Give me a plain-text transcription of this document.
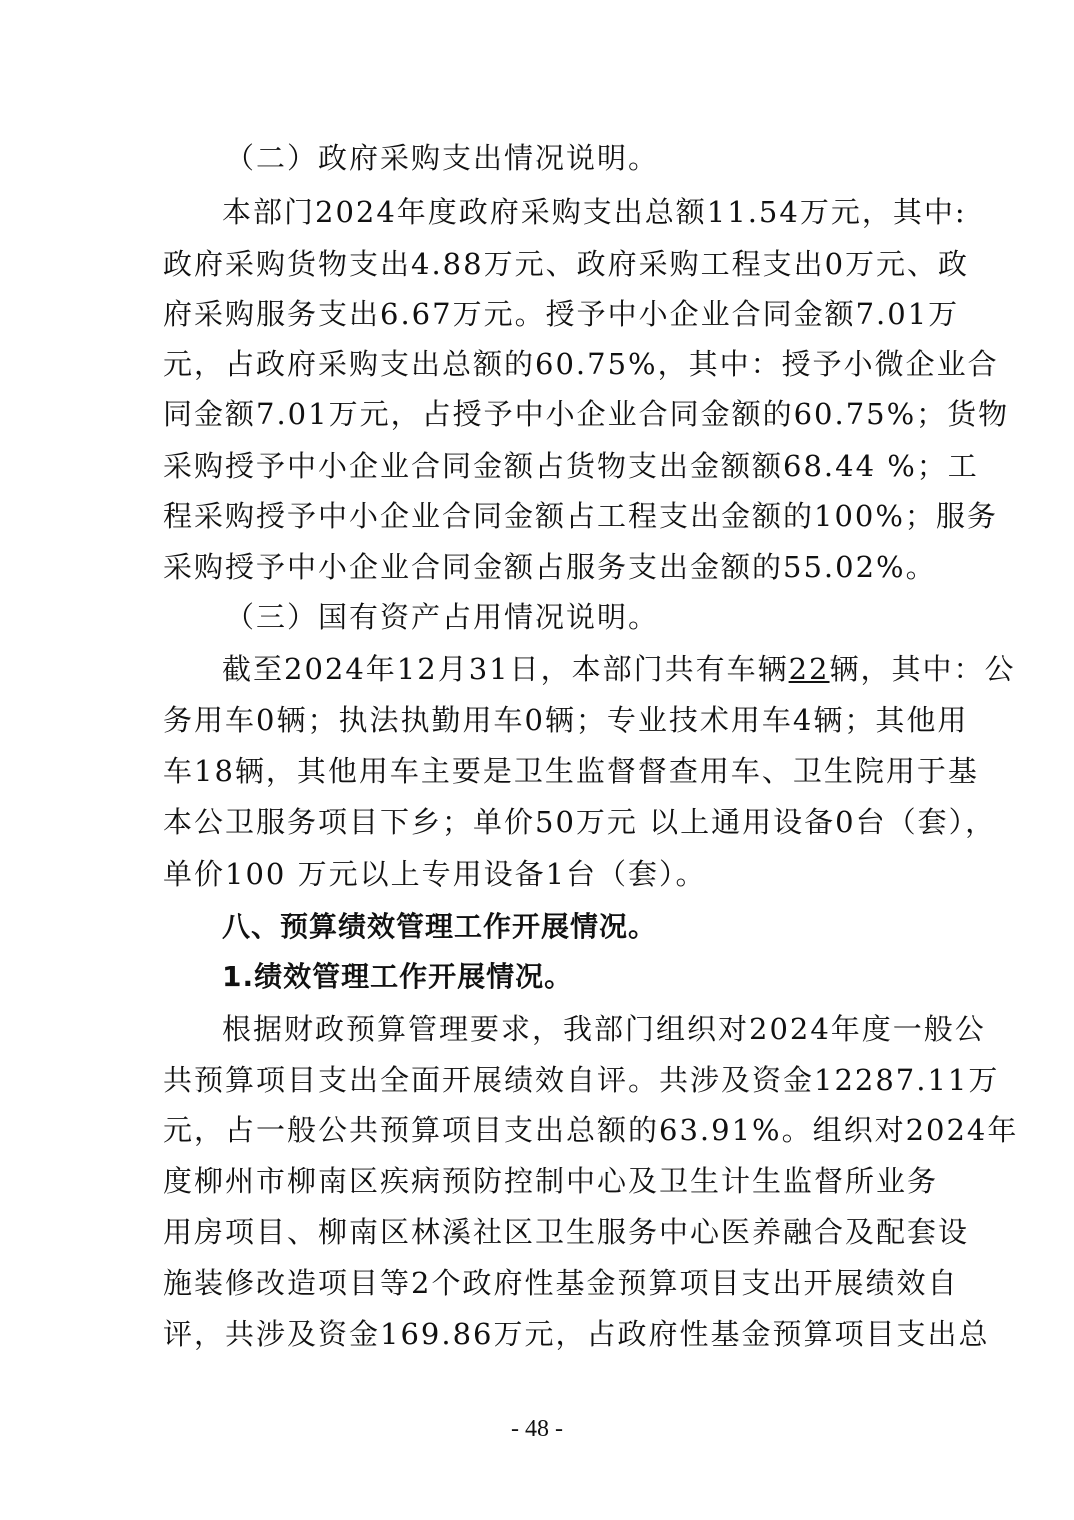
（二）政府采购支出情况说明。
本部门2024年度政府采购支出总额11.54万元，其中:
政府采购货物支出4.88万元、政府采购工程支出0万元、政
府采购服务支出6.67万元。授予中小企业合同金额7.01万
元，占政府采购支出总额的60.75%，其中：授予小微企业合
同金额7.01万元，占授予中小企业合同金额的60.75%；货物
采购授予中小企业合同金额占货物支出金额额68.44 %；工
程采购授予中小企业合同金额占工程支出金额的100%；服务
采购授予中小企业合同金额占服务支出金额的55.02%。
（三）国有资产占用情况说明。
截至2024年12月31日，本部门共有车辆22辆，其中：公
务用车0辆；执法执勤用车0辆；专业技术用车4辆；其他用
车18辆，其他用车主要是卫生监督督查用车、卫生院用于基
本公卫服务项目下乡；单价50万元 以上通用设备0台（套），
单价100 万元以上专用设备1台（套）。
八、预算绩效管理工作开展情况。
1.绩效管理工作开展情况。
根据财政预算管理要求，我部门组织对2024年度一般公
共预算项目支出全面开展绩效自评。共涉及资金12287.11万
元，占一般公共预算项目支出总额的63.91%。组织对2024年
度柳州市柳南区疾病预防控制中心及卫生计生监督所业务
用房项目、柳南区林溪社区卫生服务中心医养融合及配套设
施装修改造项目等2个政府性基金预算项目支出开展绩效自
评，共涉及资金169.86万元，占政府性基金预算项目支出总
- 48 -
